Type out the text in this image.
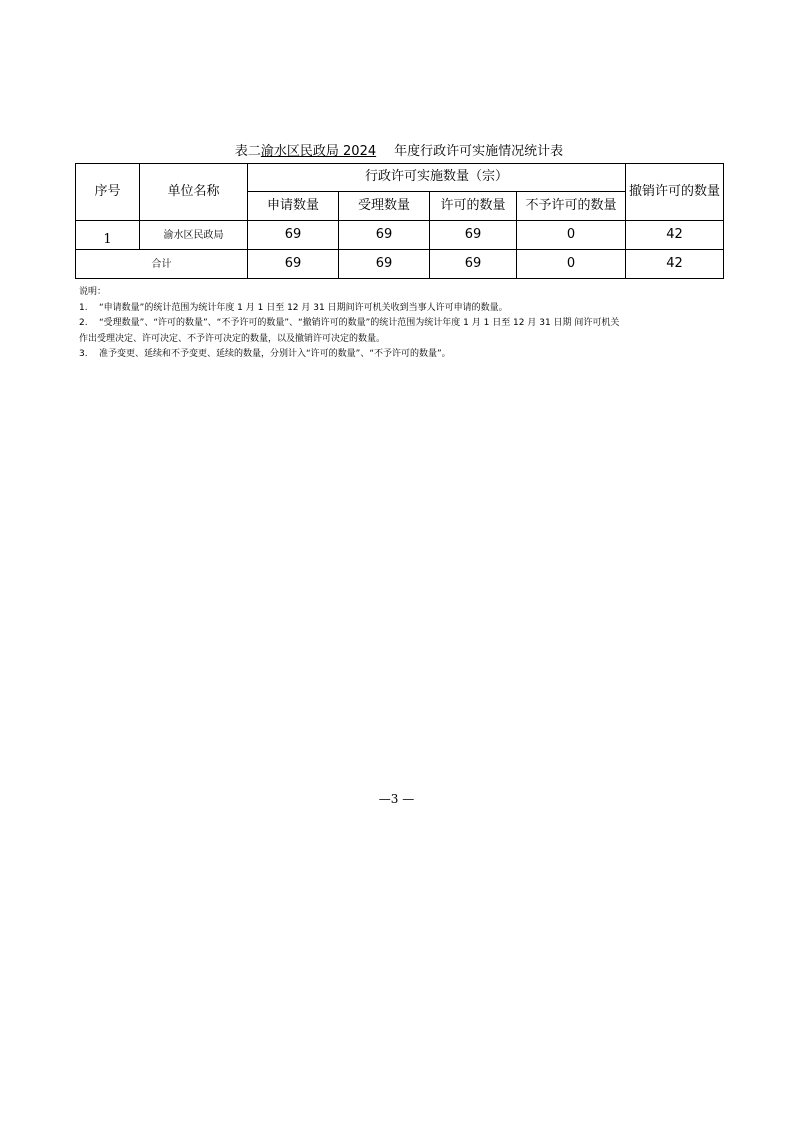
表二渝水区民政局 2024 年度行政许可实施情况统计表
序号	单位名称	行政许可实施数量（宗）				撤销许可的数量
		申请数量	受理数量	许可的数量	不予许可的数量	
1	渝水区民政局	69	69	69	0	42
合计		69	69	69	0	42

说明：

1. “申请数量”的统计范围为统计年度 1 月 1 日至 12 月 31 日期间许可机关收到当事人许可申请的数量。

2. “受理数量”、“许可的数量”、“不予许可的数量”、“撤销许可的数量”的统计范围为统计年度 1 月 1 日至 12 月 31 日期 间许可机关

作出受理决定、许可决定、不予许可决定的数量，以及撤销许可决定的数量。

3. 准予变更、延续和不予变更、延续的数量，分别计入“许可的数量”、“不予许可的数量”。

—3 —
